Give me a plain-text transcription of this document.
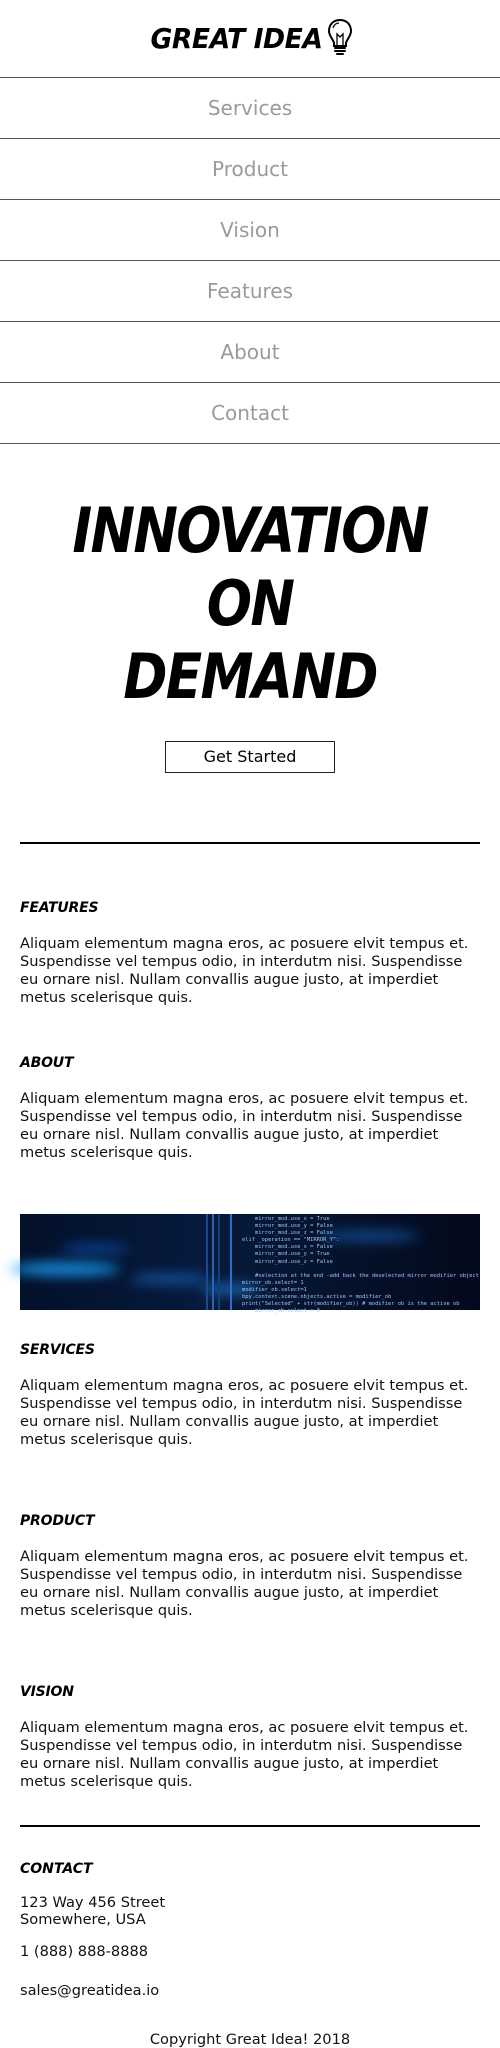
GREAT IDEA
Services
Product
Vision
Features
About
Contact
INNOVATION
ON
DEMAND
Get Started
FEATURES

Aliquam elementum magna eros, ac posuere elvit tempus et. Suspendisse vel tempus odio, in interdutm nisi. Suspendisse eu ornare nisl. Nullam convallis augue justo, at imperdiet metus scelerisque quis.

ABOUT

Aliquam elementum magna eros, ac posuere elvit tempus et. Suspendisse vel tempus odio, in interdutm nisi. Suspendisse eu ornare nisl. Nullam convallis augue justo, at imperdiet metus scelerisque quis.

mirror_mod.use_x = True
mirror_mod.use_y = False
mirror_mod.use_z = False
elif _operation == "MIRROR_Y":
mirror_mod.use_x = False
mirror_mod.use_y = True
mirror_mod.use_z = False

#selection at the end -add back the deselected mirror modifier object
mirror_ob.select= 1
modifier_ob.select=1
bpy.context.scene.objects.active = modifier_ob
print("Selected" + str(modifier_ob)) # modifier ob is the active ob
mirror_ob.select = 0
SERVICES

Aliquam elementum magna eros, ac posuere elvit tempus et. Suspendisse vel tempus odio, in interdutm nisi. Suspendisse eu ornare nisl. Nullam convallis augue justo, at imperdiet metus scelerisque quis.

PRODUCT

Aliquam elementum magna eros, ac posuere elvit tempus et. Suspendisse vel tempus odio, in interdutm nisi. Suspendisse eu ornare nisl. Nullam convallis augue justo, at imperdiet metus scelerisque quis.

VISION

Aliquam elementum magna eros, ac posuere elvit tempus et. Suspendisse vel tempus odio, in interdutm nisi. Suspendisse eu ornare nisl. Nullam convallis augue justo, at imperdiet metus scelerisque quis.

CONTACT
123 Way 456 Street
Somewhere, USA
1 (888) 888-8888
sales@greatidea.io
Copyright Great Idea! 2018
